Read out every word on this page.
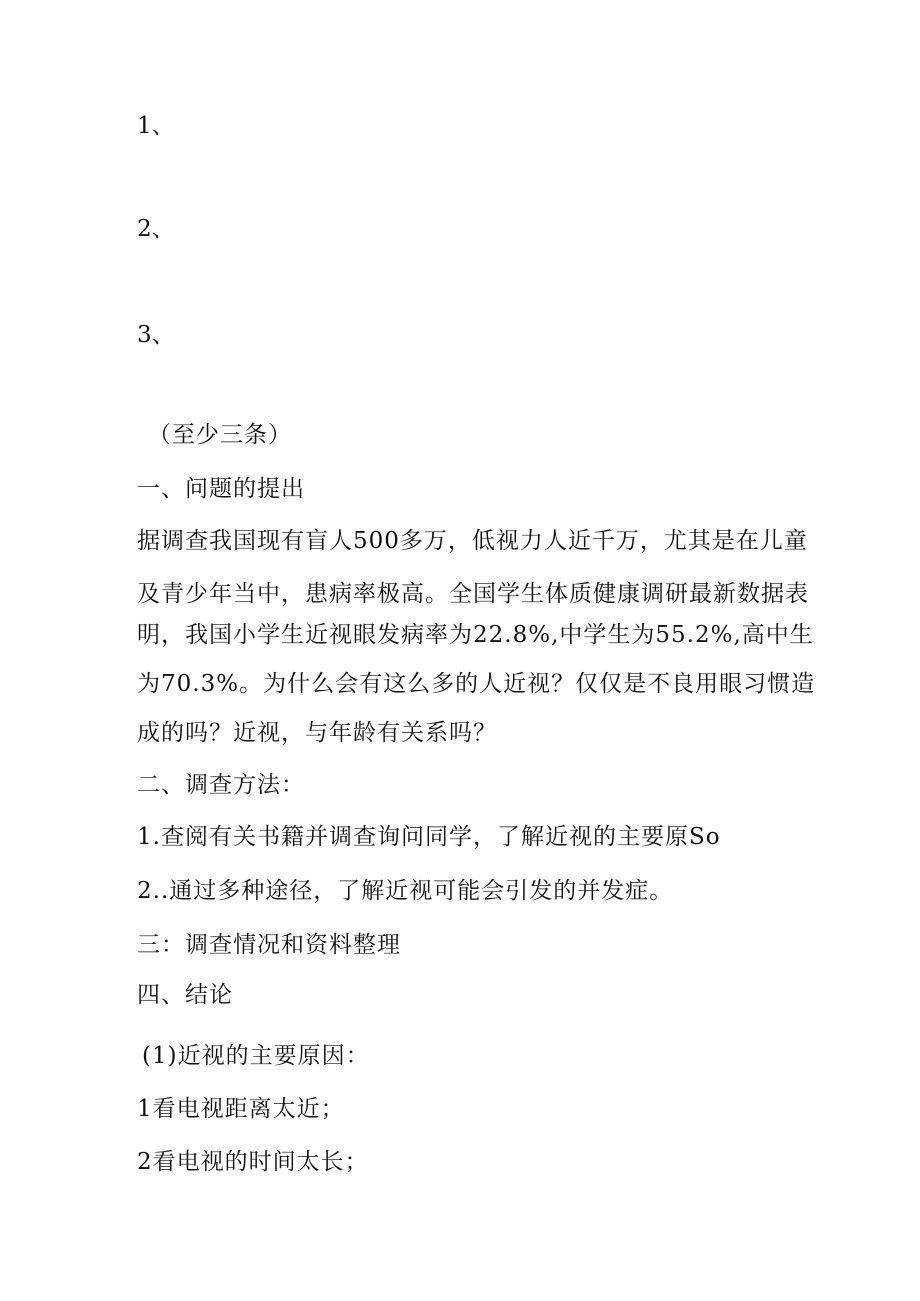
1、
2、
3、
（至少三条）
一、问题的提出
据调查我国现有盲人500多万，低视力人近千万，尤其是在儿童
及青少年当中，患病率极高。全国学生体质健康调研最新数据表
明，我国小学生近视眼发病率为22.8%,中学生为55.2%,高中生
为70.3%。为什么会有这么多的人近视？仅仅是不良用眼习惯造
成的吗？近视，与年龄有关系吗？
二、调查方法：
1.查阅有关书籍并调查询问同学，了解近视的主要原So
2..通过多种途径，了解近视可能会引发的并发症。
三：调查情况和资料整理
四、结论
(1)近视的主要原因：
1看电视距离太近；
2看电视的时间太长；
